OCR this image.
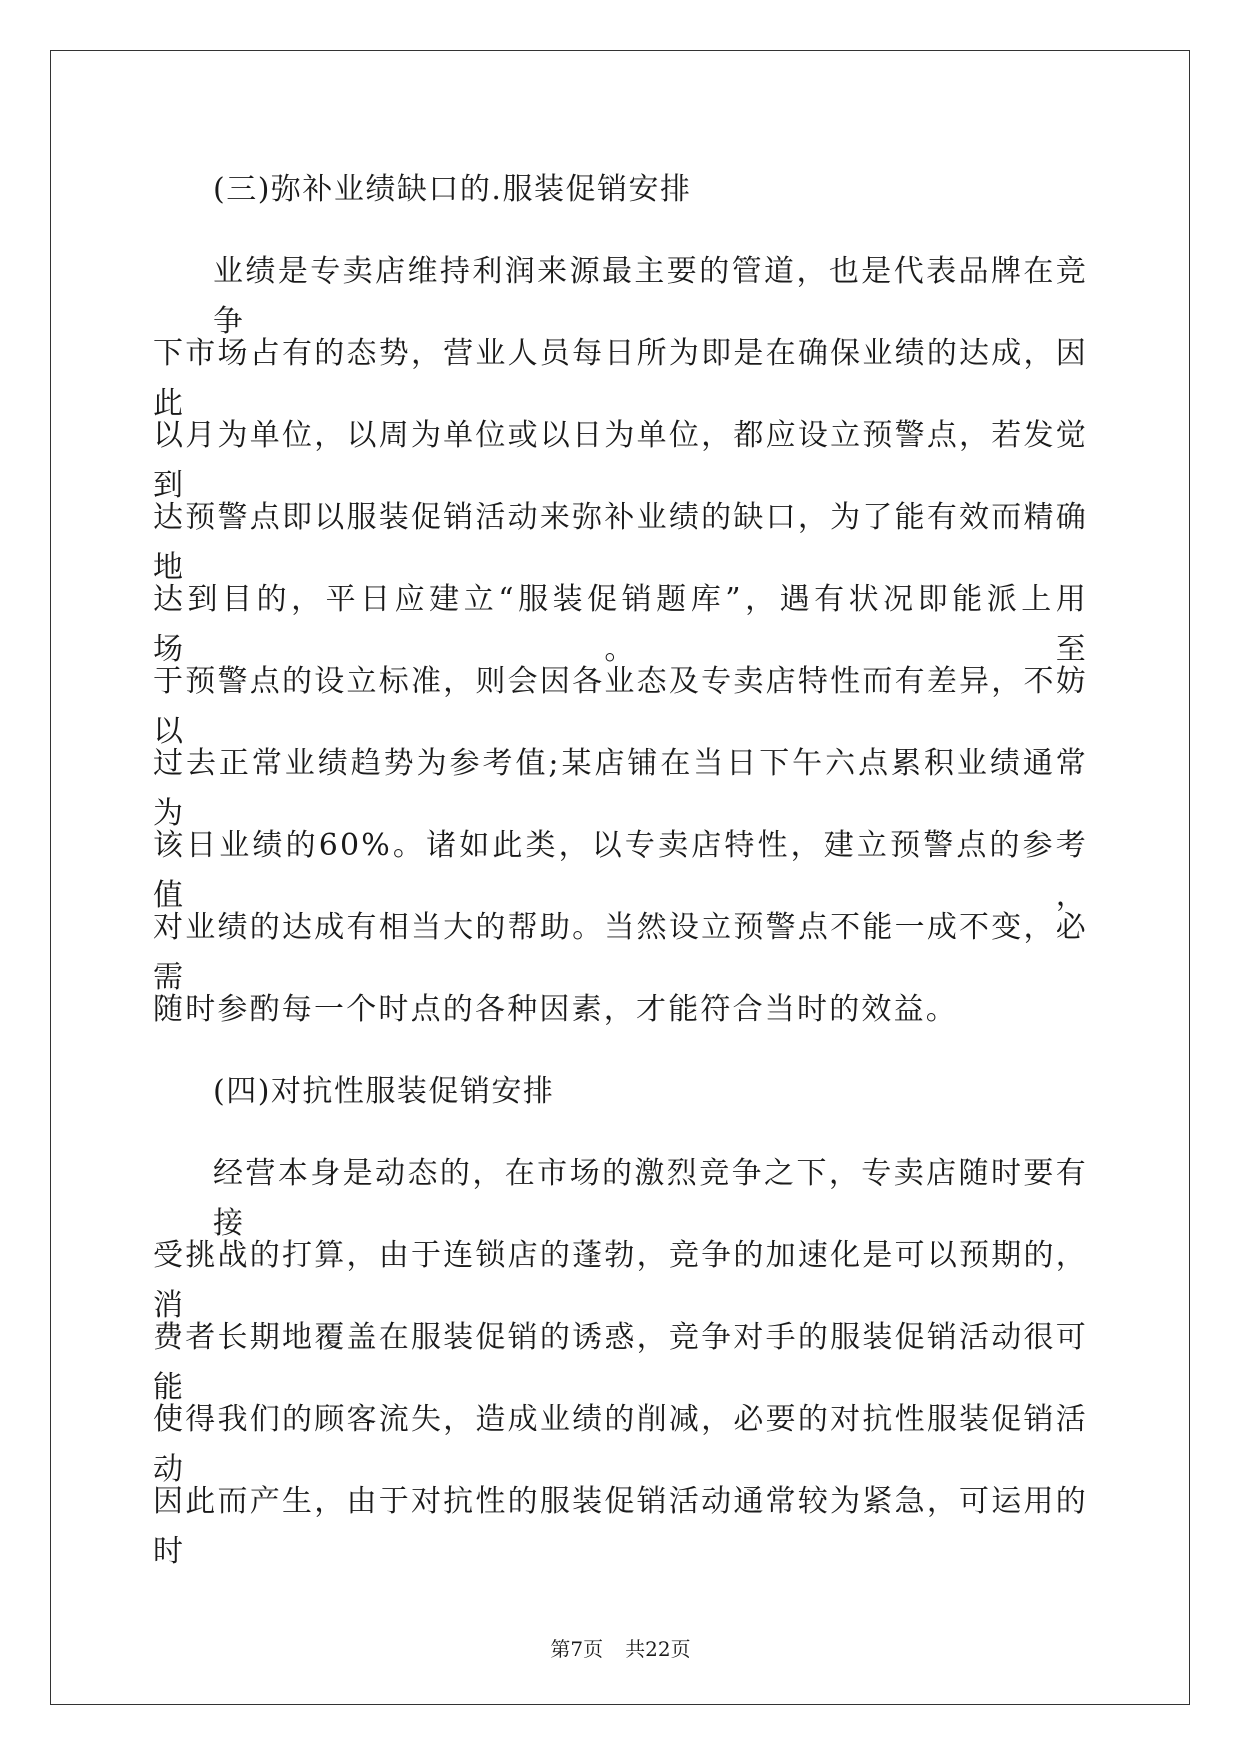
(三)弥补业绩缺口的.服装促销安排
业绩是专卖店维持利润来源最主要的管道，也是代表品牌在竞争
下市场占有的态势，营业人员每日所为即是在确保业绩的达成，因此
以月为单位，以周为单位或以日为单位，都应设立预警点，若发觉到
达预警点即以服装促销活动来弥补业绩的缺口，为了能有效而精确地
达到目的，平日应建立“服装促销题库”，遇有状况即能派上用场。至
于预警点的设立标准，则会因各业态及专卖店特性而有差异，不妨以
过去正常业绩趋势为参考值;某店铺在当日下午六点累积业绩通常为
该日业绩的60%。诸如此类，以专卖店特性，建立预警点的参考值，
对业绩的达成有相当大的帮助。当然设立预警点不能一成不变，必需
随时参酌每一个时点的各种因素，才能符合当时的效益。
(四)对抗性服装促销安排
经营本身是动态的，在市场的激烈竞争之下，专卖店随时要有接
受挑战的打算，由于连锁店的蓬勃，竞争的加速化是可以预期的，消
费者长期地覆盖在服装促销的诱惑，竞争对手的服装促销活动很可能
使得我们的顾客流失，造成业绩的削减，必要的对抗性服装促销活动
因此而产生，由于对抗性的服装促销活动通常较为紧急，可运用的时
第7页 共22页
